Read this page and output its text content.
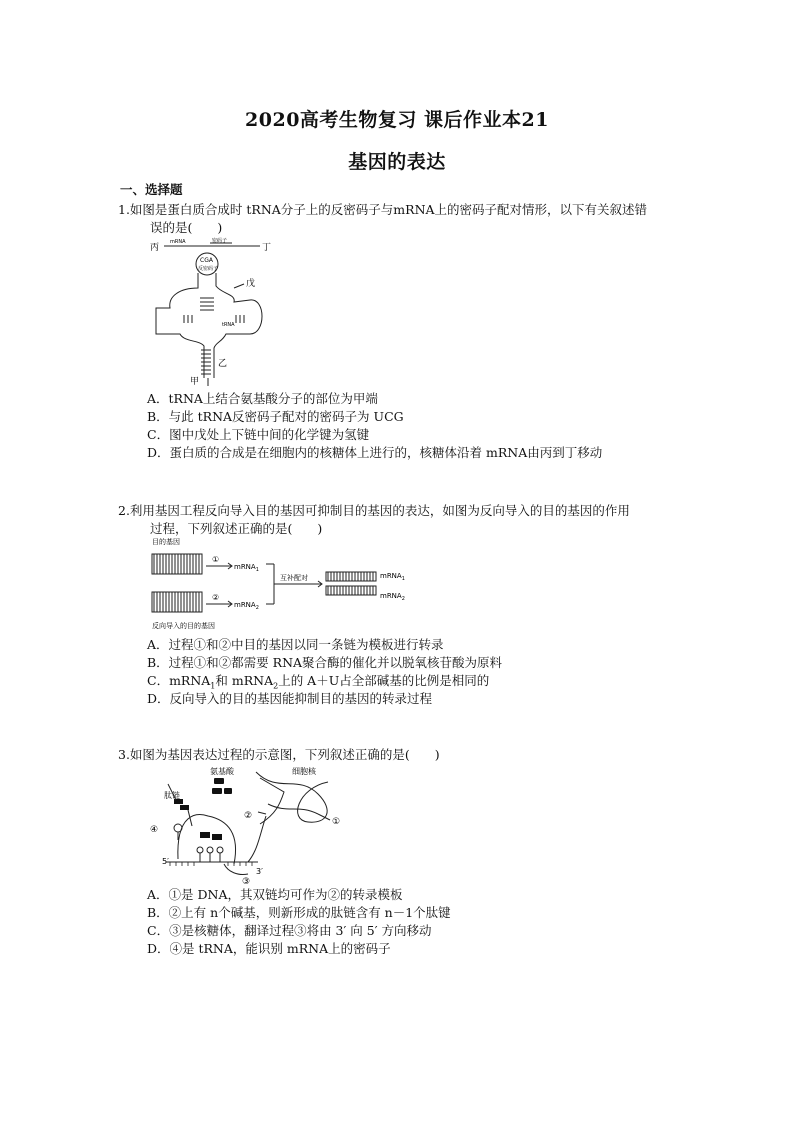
2020高考生物复习 课后作业本21
基因的表达
一、选择题
1.如图是蛋白质合成时 tRNA分子上的反密码子与mRNA上的密码子配对情形，以下有关叙述错
误的是(　　)
丙	丁
mRNA	密码子
CGA
反密码子
戊
tRNA
乙
甲
A．tRNA上结合氨基酸分子的部位为甲端
B．与此 tRNA反密码子配对的密码子为 UCG
C．图中戊处上下链中间的化学键为氢键
D．蛋白质的合成是在细胞内的核糖体上进行的，核糖体沿着 mRNA由丙到丁移动
2.利用基因工程反向导入目的基因可抑制目的基因的表达，如图为反向导入的目的基因的作用
过程，下列叙述正确的是(　　)
目的基因
①
②
mRNA$_1$
mRNA$_2$
互补配对	mRNA$_1$
mRNA$_2$
反向导入的目的基因
A．过程①和②中目的基因以同一条链为模板进行转录
B．过程①和②都需要 RNA聚合酶的催化并以脱氧核苷酸为原料
C．mRNA$_1$和 mRNA$_2$上的 A＋U占全部碱基的比例是相同的
D．反向导入的目的基因能抑制目的基因的转录过程
3.如图为基因表达过程的示意图，下列叙述正确的是(　　)
氨基酸
肽链
细胞核
②
①
④
5′
3′
③
A．①是 DNA，其双链均可作为②的转录模板
B．②上有 n个碱基，则新形成的肽链含有 n－1个肽键
C．③是核糖体，翻译过程③将由 3′ 向 5′ 方向移动
D．④是 tRNA，能识别 mRNA上的密码子
